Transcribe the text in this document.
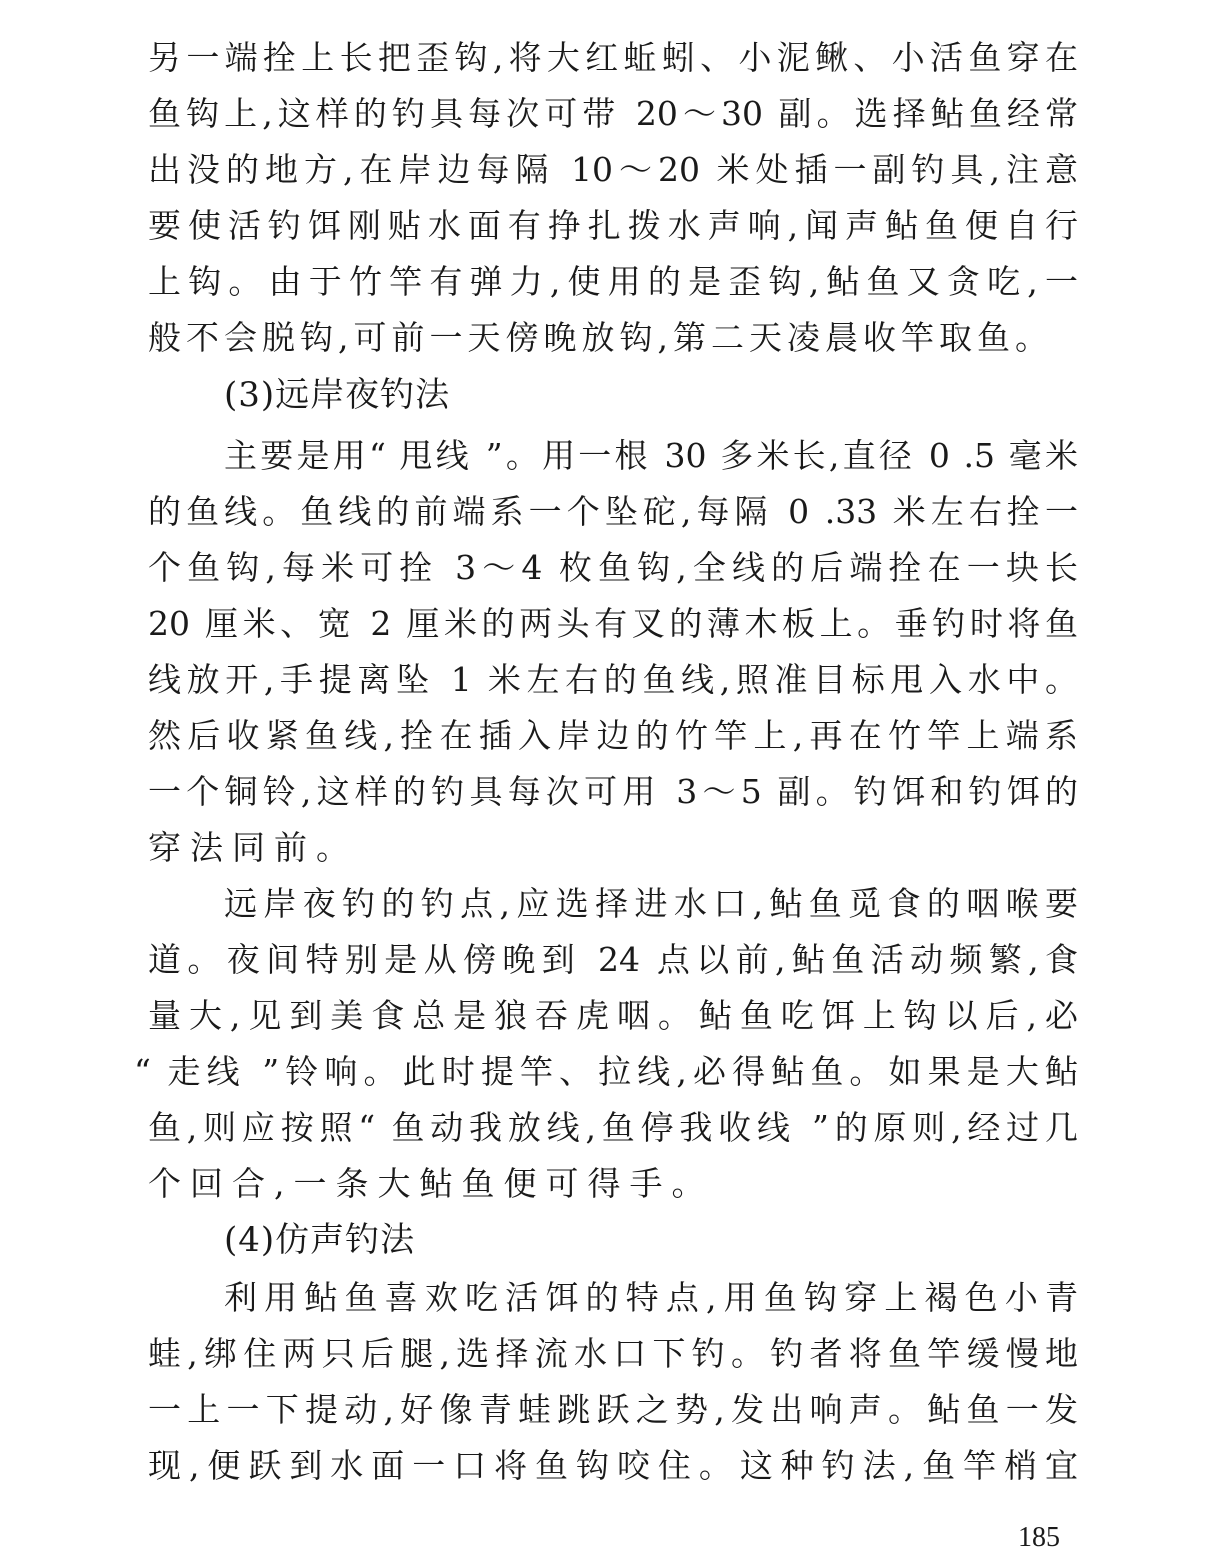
另一端拴上长把歪钩,将大红蚯蚓、小泥鳅、小活鱼穿在
鱼钩上,这样的钓具每次可带 20～30 副。选择鲇鱼经常
出没的地方,在岸边每隔 10～20 米处插一副钓具,注意
要使活钓饵刚贴水面有挣扎拨水声响,闻声鲇鱼便自行
上钩。由于竹竿有弹力,使用的是歪钩,鲇鱼又贪吃,一
般不会脱钩,可前一天傍晚放钩,第二天凌晨收竿取鱼。
(3)远岸夜钓法
主要是用“ 甩线 ”。用一根 30 多米长,直径 0 .5 毫米
的鱼线。鱼线的前端系一个坠砣,每隔 0 .33 米左右拴一
个鱼钩,每米可拴 3～4 枚鱼钩,全线的后端拴在一块长
20 厘米、宽 2 厘米的两头有叉的薄木板上。垂钓时将鱼
线放开,手提离坠 1 米左右的鱼线,照准目标甩入水中。
然后收紧鱼线,拴在插入岸边的竹竿上,再在竹竿上端系
一个铜铃,这样的钓具每次可用 3～5 副。钓饵和钓饵的
穿法同前。
远岸夜钓的钓点,应选择进水口,鲇鱼觅食的咽喉要
道。夜间特别是从傍晚到 24 点以前,鲇鱼活动频繁,食
量大,见到美食总是狼吞虎咽。鲇鱼吃饵上钩以后,必
“ 走线 ”铃响。此时提竿、拉线,必得鲇鱼。如果是大鲇
鱼,则应按照“ 鱼动我放线,鱼停我收线 ”的原则,经过几
个回合,一条大鲇鱼便可得手。
(4)仿声钓法
利用鲇鱼喜欢吃活饵的特点,用鱼钩穿上褐色小青
蛙,绑住两只后腿,选择流水口下钓。钓者将鱼竿缓慢地
一上一下提动,好像青蛙跳跃之势,发出响声。鲇鱼一发
现,便跃到水面一口将鱼钩咬住。这种钓法,鱼竿梢宜
185
